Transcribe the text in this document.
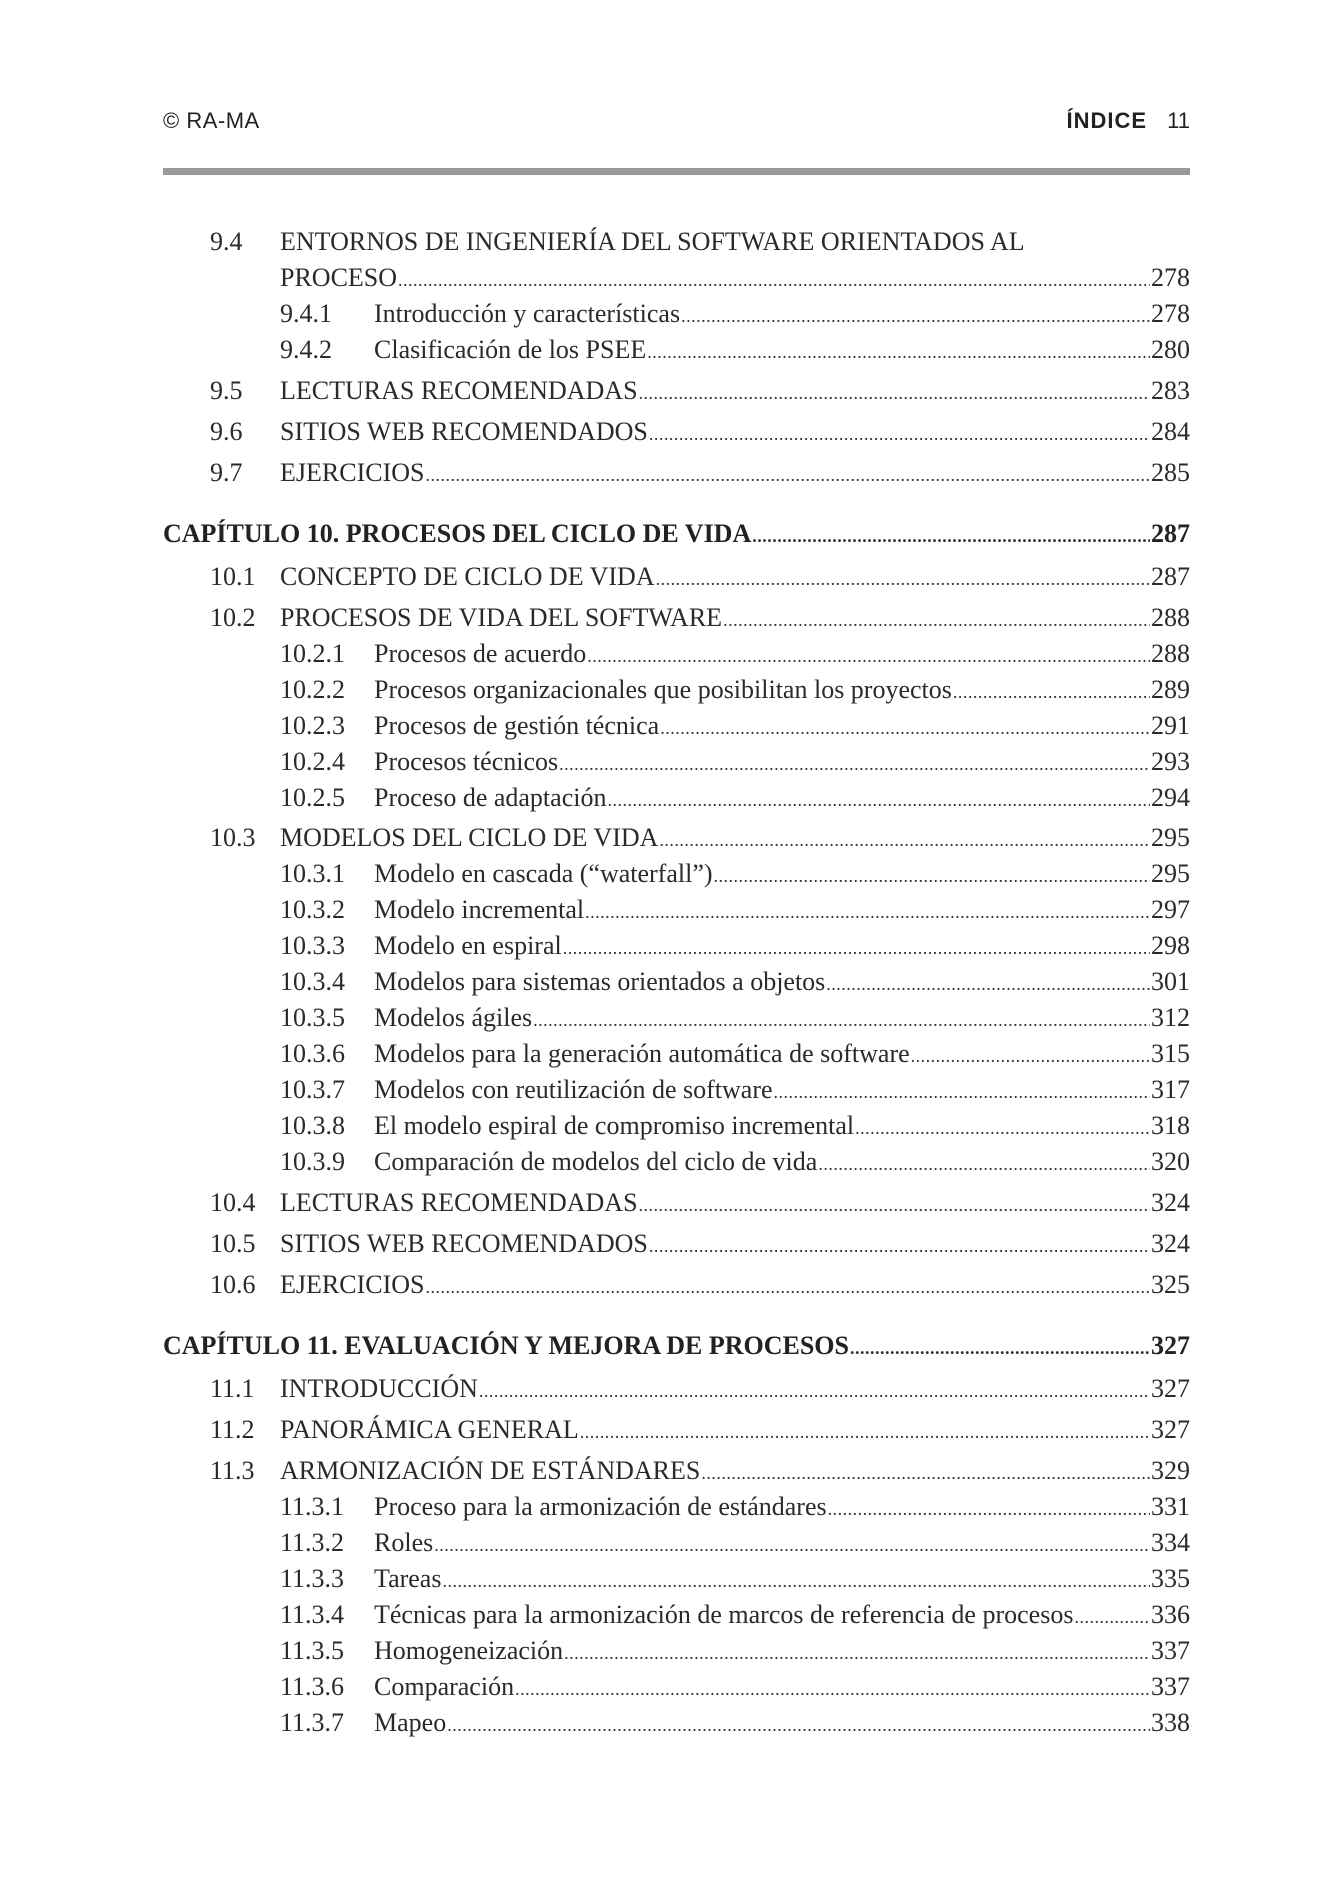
© RA-MA	ÍNDICE 11
9.4	ENTORNOS DE INGENIERÍA DEL SOFTWARE ORIENTADOS AL
PROCESO .....	278
9.4.1	Introducción y características .....	278
9.4.2	Clasificación de los PSEE .....	280
9.5	LECTURAS RECOMENDADAS .....	283
9.6	SITIOS WEB RECOMENDADOS .....	284
9.7	EJERCICIOS .....	285
CAPÍTULO 10. PROCESOS DEL CICLO DE VIDA .....	287
10.1 CONCEPTO DE CICLO DE VIDA .....	287
10.2 PROCESOS DE VIDA DEL SOFTWARE .....	288
10.2.1	Procesos de acuerdo .....	288
10.2.2	Procesos organizacionales que posibilitan los proyectos .....	289
10.2.3	Procesos de gestión técnica .....	291
10.2.4	Procesos técnicos .....	293
10.2.5	Proceso de adaptación .....	294
10.3 MODELOS DEL CICLO DE VIDA .....	295
10.3.1	Modelo en cascada (“waterfall”) .....	295
10.3.2	Modelo incremental .....	297
10.3.3	Modelo en espiral .....	298
10.3.4	Modelos para sistemas orientados a objetos .....	301
10.3.5	Modelos ágiles .....	312
10.3.6	Modelos para la generación automática de software .....	315
10.3.7	Modelos con reutilización de software .....	317
10.3.8	El modelo espiral de compromiso incremental .....	318
10.3.9	Comparación de modelos del ciclo de vida .....	320
10.4 LECTURAS RECOMENDADAS .....	324
10.5 SITIOS WEB RECOMENDADOS .....	324
10.6 EJERCICIOS .....	325
CAPÍTULO 11. EVALUACIÓN Y MEJORA DE PROCESOS .....	327
11.1 INTRODUCCIÓN .....	327
11.2 PANORÁMICA GENERAL .....	327
11.3 ARMONIZACIÓN DE ESTÁNDARES .....	329
11.3.1	Proceso para la armonización de estándares .....	331
11.3.2	Roles .....	334
11.3.3	Tareas .....	335
11.3.4	Técnicas para la armonización de marcos de referencia de procesos .....	336
11.3.5	Homogeneización .....	337
11.3.6	Comparación .....	337
11.3.7	Mapeo .....	338
